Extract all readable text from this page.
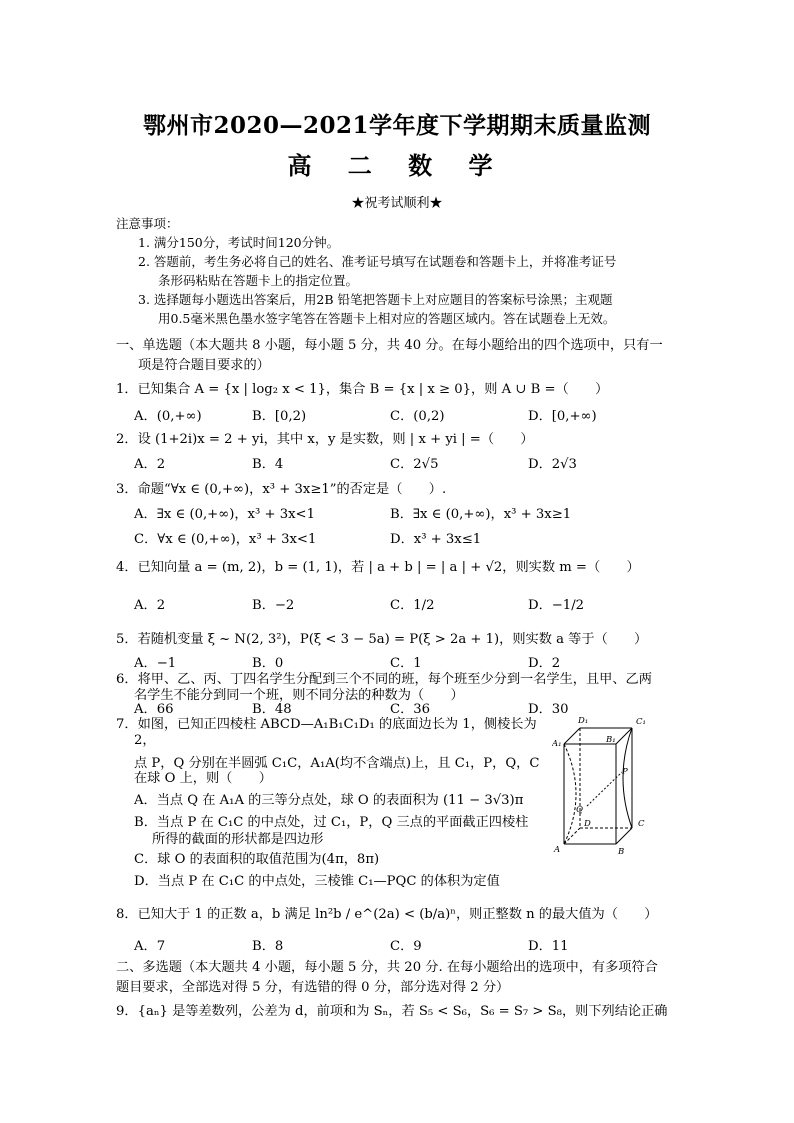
鄂州市2020—2021学年度下学期期末质量监测
高 二 数 学
★祝考试顺利★
注意事项：
1. 满分150分，考试时间120分钟。
2. 答题前，考生务必将自己的姓名、准考证号填写在试题卷和答题卡上，并将准考证号
条形码粘贴在答题卡上的指定位置。
3. 选择题每小题选出答案后，用2B 铅笔把答题卡上对应题目的答案标号涂黑；主观题
用0.5毫米黑色墨水签字笔答在答题卡上相对应的答题区域内。答在试题卷上无效。
一、单选题（本大题共 8 小题，每小题 5 分，共 40 分。在每小题给出的四个选项中，只有一
项是符合题目要求的）
1．已知集合 A = {x | log₂ x < 1}，集合 B = {x | x ≥ 0}，则 A ∪ B =（　　）
A．(0,+∞)	B．[0,2)	C．(0,2)	D．[0,+∞)
2．设 (1+2i)x = 2 + yi，其中 x，y 是实数，则 | x + yi | =（　　）
A．2	B．4	C．2√5	D．2√3
3．命题“∀x ∈ (0,+∞)，x³ + 3x≥1”的否定是（　　）.
A．∃x ∈ (0,+∞)，x³ + 3x<1	B．∃x ∈ (0,+∞)，x³ + 3x≥1
C．∀x ∈ (0,+∞)，x³ + 3x<1	D．x³ + 3x≤1
4．已知向量 a = (m, 2)，b = (1, 1)，若 | a + b | = | a | + √2，则实数 m =（　　）
A．2	B．−2	C．1/2	D．−1/2
5．若随机变量 ξ ~ N(2, 3²)，P(ξ < 3 − 5a) = P(ξ > 2a + 1)，则实数 a 等于（　　）
A．−1	B．0	C．1	D．2
6．将甲、乙、丙、丁四名学生分配到三个不同的班，每个班至少分到一名学生，且甲、乙两
名学生不能分到同一个班，则不同分法的种数为（　　）
A．66	B．48	C．36	D．30
7．如图，已知正四棱柱 ABCD—A₁B₁C₁D₁ 的底面边长为 1，侧棱长为
2，
点 P，Q 分别在半圆弧 C₁C，A₁A(均不含端点)上，且 C₁，P，Q，C
在球 O 上，则（　　）
A．当点 Q 在 A₁A 的三等分点处，球 O 的表面积为 (11 − 3√3)π
B．当点 P 在 C₁C 的中点处，过 C₁，P，Q 三点的平面截正四棱柱
所得的截面的形状都是四边形
C．球 O 的表面积的取值范围为(4π，8π)
D．当点 P 在 C₁C 的中点处，三棱锥 C₁—PQC 的体积为定值
D₁	C₁
A₁	B₁
P
Q
D	C
A	B
8．已知大于 1 的正数 a，b 满足 ln²b / e^(2a) < (b/a)ⁿ，则正整数 n 的最大值为（　　）
A．7	B．8	C．9	D．11
二、多选题（本大题共 4 小题，每小题 5 分，共 20 分. 在每小题给出的选项中，有多项符合
题目要求，全部选对得 5 分，有选错的得 0 分，部分选对得 2 分）
9．{aₙ} 是等差数列，公差为 d，前项和为 Sₙ，若 S₅ < S₆，S₆ = S₇ > S₈，则下列结论正确
